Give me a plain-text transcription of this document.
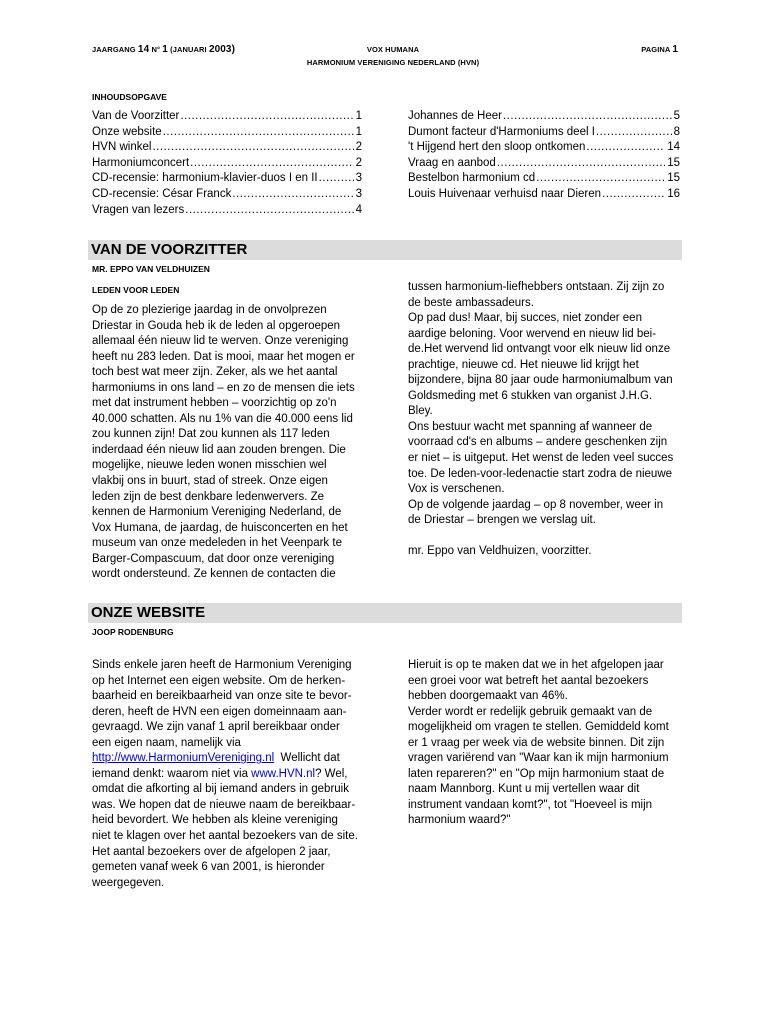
JAARGANG 14 N° 1 (JANUARI 2003)	VOX HUMANA
HARMONIUM VERENIGING NEDERLAND (HVN)
PAGINA 1
INHOUDSOPGAVE
Van de Voorzitter .....	1
Onze website .....	1
HVN winkel .....	2
Harmoniumconcert .....	2
CD-recensie: harmonium-klavier-duos I en II .....	3
CD-recensie: César Franck .....	3
Vragen van lezers .....	4
Johannes de Heer .....	5
Dumont facteur d'Harmoniums deel I .....	8
't Hijgend hert den sloop ontkomen .....	14
Vraag en aanbod .....	15
Bestelbon harmonium cd .....	15
Louis Huivenaar verhuisd naar Dieren .....	16
VAN DE VOORZITTER
MR. EPPO VAN VELDHUIZEN
LEDEN VOOR LEDEN

Op de zo plezierige jaardag in de onvolprezen

Driestar in Gouda heb ik de leden al opgeroepen

allemaal één nieuw lid te werven. Onze vereniging

heeft nu 283 leden. Dat is mooi, maar het mogen er

toch best wat meer zijn. Zeker, als we het aantal

harmoniums in ons land – en zo de mensen die iets

met dat instrument hebben – voorzichtig op zo'n

40.000 schatten. Als nu 1% van die 40.000 eens lid

zou kunnen zijn! Dat zou kunnen als 117 leden

inderdaad één nieuw lid aan zouden brengen. Die

mogelijke, nieuwe leden wonen misschien wel

vlakbij ons in buurt, stad of streek. Onze eigen

leden zijn de best denkbare ledenwervers. Ze

kennen de Harmonium Vereniging Nederland, de

Vox Humana, de jaardag, de huisconcerten en het

museum van onze medeleden in het Veenpark te

Barger-Compascuum, dat door onze vereniging

wordt ondersteund. Ze kennen de contacten die

tussen harmonium-liefhebbers ontstaan. Zij zijn zo

de beste ambassadeurs.

Op pad dus! Maar, bij succes, niet zonder een

aardige beloning. Voor wervend en nieuw lid bei-

de.Het wervend lid ontvangt voor elk nieuw lid onze

prachtige, nieuwe cd. Het nieuwe lid krijgt het

bijzondere, bijna 80 jaar oude harmoniumalbum van

Goldsmeding met 6 stukken van organist J.H.G.

Bley.

Ons bestuur wacht met spanning af wanneer de

voorraad cd's en albums – andere geschenken zijn

er niet – is uitgeput. Het wenst de leden veel succes

toe. De leden-voor-ledenactie start zodra de nieuwe

Vox is verschenen.

Op de volgende jaardag – op 8 november, weer in

de Driestar – brengen we verslag uit.

mr. Eppo van Veldhuizen, voorzitter.

ONZE WEBSITE
JOOP RODENBURG

Sinds enkele jaren heeft de Harmonium Vereniging

op het Internet een eigen website. Om de herken-

baarheid en bereikbaarheid van onze site te bevor-

deren, heeft de HVN een eigen domeinnaam aan-

gevraagd. We zijn vanaf 1 april bereikbaar onder

een eigen naam, namelijk via

http://www.HarmoniumVereniging.nl  Wellicht dat

iemand denkt: waarom niet via www.HVN.nl? Wel,

omdat die afkorting al bij iemand anders in gebruik

was. We hopen dat de nieuwe naam de bereikbaar-

heid bevordert. We hebben als kleine vereniging

niet te klagen over het aantal bezoekers van de site.

Het aantal bezoekers over de afgelopen 2 jaar,

gemeten vanaf week 6 van 2001, is hieronder

weergegeven.

Hieruit is op te maken dat we in het afgelopen jaar

een groei voor wat betreft het aantal bezoekers

hebben doorgemaakt van 46%.

Verder wordt er redelijk gebruik gemaakt van de

mogelijkheid om vragen te stellen. Gemiddeld komt

er 1 vraag per week via de website binnen. Dit zijn

vragen variërend van "Waar kan ik mijn harmonium

laten repareren?" en "Op mijn harmonium staat de

naam Mannborg. Kunt u mij vertellen waar dit

instrument vandaan komt?", tot "Hoeveel is mijn

harmonium waard?"
